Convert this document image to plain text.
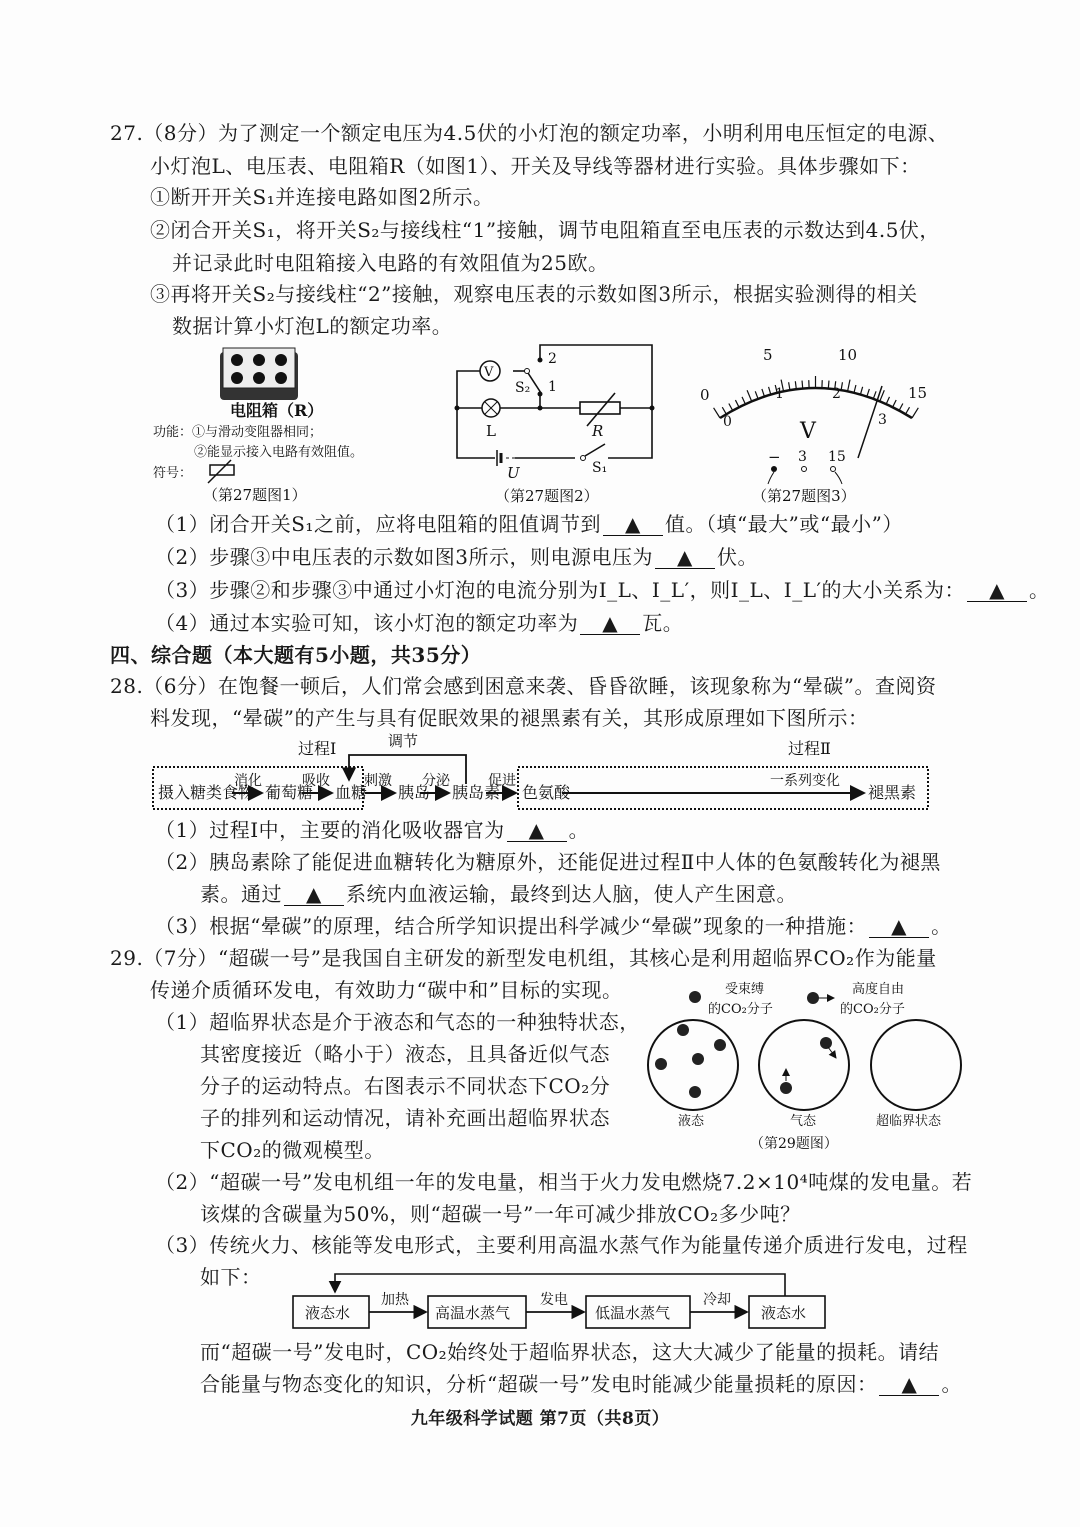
27.（8分）为了测定一个额定电压为4.5伏的小灯泡的额定功率，小明利用电压恒定的电源、
小灯泡L、电压表、电阻箱R（如图1）、开关及导线等器材进行实验。具体步骤如下：
①断开开关S₁并连接电路如图2所示。
②闭合开关S₁，将开关S₂与接线柱“1”接触，调节电阻箱直至电压表的示数达到4.5伏，
并记录此时电阻箱接入电路的有效阻值为25欧。
③再将开关S₂与接线柱“2”接触，观察电压表的示数如图3所示，根据实验测得的相关
数据计算小灯泡L的额定功率。
电阻箱（R）
功能：①与滑动变阻器相同；
②能显示接入电路有效阻值。
符号：
（第27题图1）
V
2
1
S₂
L	R
U	S₁
（第27题图2）
0
5	10
15
0
1	2
3
V
− 3 15
（第27题图3）
（1）闭合开关S₁之前，应将电阻箱的阻值调节到 ▲ 值。（填“最大”或“最小”）
（2）步骤③中电压表的示数如图3所示，则电源电压为 ▲ 伏。
（3）步骤②和步骤③中通过小灯泡的电流分别为I_L、I_L′，则I_L、I_L′的大小关系为： ▲ 。
（4）通过本实验可知，该小灯泡的额定功率为 ▲ 瓦。
四、综合题（本大题有5小题，共35分）
28.（6分）在饱餐一顿后，人们常会感到困意来袭、昏昏欲睡，该现象称为“晕碳”。查阅资
料发现，“晕碳”的产生与具有促眠效果的褪黑素有关，其形成原理如下图所示：
过程Ⅰ	过程Ⅱ
调节
摄入糖类食物 葡萄糖 血糖 胰岛 胰岛素 色氨酸	褪黑素
消化	吸收 刺激 分泌	促进	一系列变化
（1）过程Ⅰ中，主要的消化吸收器官为 ▲ 。
（2）胰岛素除了能促进血糖转化为糖原外，还能促进过程Ⅱ中人体的色氨酸转化为褪黑
素。通过 ▲ 系统内血液运输，最终到达人脑，使人产生困意。
（3）根据“晕碳”的原理，结合所学知识提出科学减少“晕碳”现象的一种措施： ▲ 。
29.（7分）“超碳一号”是我国自主研发的新型发电机组，其核心是利用超临界CO₂作为能量
传递介质循环发电，有效助力“碳中和”目标的实现。
（1）超临界状态是介于液态和气态的一种独特状态，
其密度接近（略小于）液态，且具备近似气态
分子的运动特点。右图表示不同状态下CO₂分
子的排列和运动情况，请补充画出超临界状态
下CO₂的微观模型。
受束缚
的CO₂分子
高度自由
的CO₂分子
液态	气态	超临界状态
（第29题图）
（2）“超碳一号”发电机组一年的发电量，相当于火力发电燃烧7.2×10⁴吨煤的发电量。若
该煤的含碳量为50%，则“超碳一号”一年可减少排放CO₂多少吨？
（3）传统火力、核能等发电形式，主要利用高温水蒸气作为能量传递介质进行发电，过程
如下：
液态水	高温水蒸气	低温水蒸气	液态水
加热	发电	冷却
而“超碳一号”发电时，CO₂始终处于超临界状态，这大大减少了能量的损耗。请结
合能量与物态变化的知识，分析“超碳一号”发电时能减少能量损耗的原因： ▲ 。
九年级科学试题 第7页（共8页）
